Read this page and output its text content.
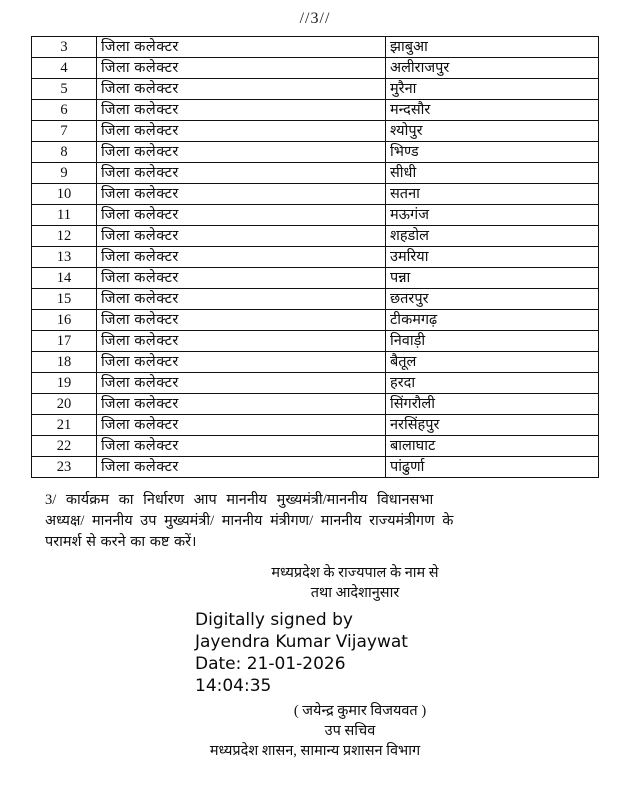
//3//
3	जिला कलेक्टर	झाबुआ
4	जिला कलेक्टर	अलीराजपुर
5	जिला कलेक्टर	मुरैना
6	जिला कलेक्टर	मन्दसौर
7	जिला कलेक्टर	श्योपुर
8	जिला कलेक्टर	भिण्ड
9	जिला कलेक्टर	सीधी
10	जिला कलेक्टर	सतना
11	जिला कलेक्टर	मऊगंज
12	जिला कलेक्टर	शहडोल
13	जिला कलेक्टर	उमरिया
14	जिला कलेक्टर	पन्ना
15	जिला कलेक्टर	छतरपुर
16	जिला कलेक्टर	टीकमगढ़
17	जिला कलेक्टर	निवाड़ी
18	जिला कलेक्टर	बैतूल
19	जिला कलेक्टर	हरदा
20	जिला कलेक्टर	सिंगरौली
21	जिला कलेक्टर	नरसिंहपुर
22	जिला कलेक्टर	बालाघाट
23	जिला कलेक्टर	पांढुर्णा
3/ कार्यक्रम का निर्धारण आप माननीय मुख्यमंत्री/माननीय विधानसभा
अध्यक्ष/ माननीय उप मुख्यमंत्री/ माननीय मंत्रीगण/ माननीय राज्यमंत्रीगण के
परामर्श से करने का कष्ट करें।
मध्यप्रदेश के राज्यपाल के नाम से
तथा आदेशानुसार
Digitally signed by
Jayendra Kumar Vijaywat
Date: 21-01-2026
14:04:35
( जयेन्द्र कुमार विजयवत )
उप सचिव
मध्यप्रदेश शासन, सामान्य प्रशासन विभाग
